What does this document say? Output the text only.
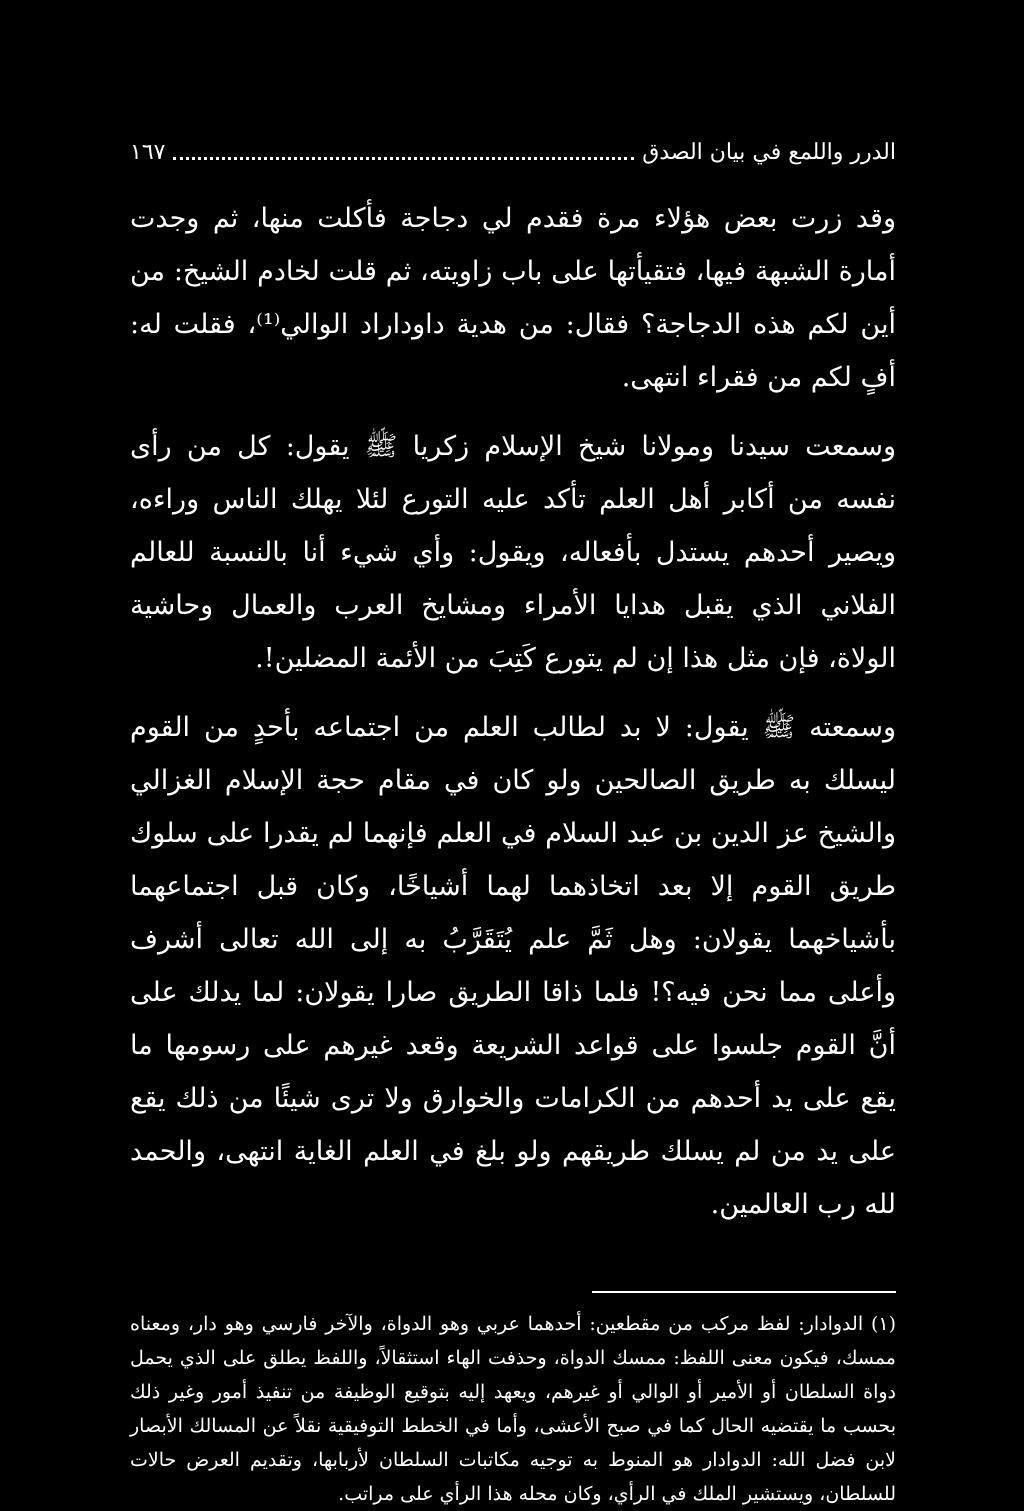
الدرر واللمع في بيان الصدق
١٦٧

وقد زرت بعض هؤلاء مرة فقدم لي دجاجة فأكلت منها، ثم وجدت أمارة الشبهة فيها، فتقيأتها على باب زاويته، ثم قلت لخادم الشيخ: من أين لكم هذه الدجاجة؟ فقال: من هدية داوداراد الوالي⁽¹⁾، فقلت له: أفٍ لكم من فقراء انتهى.

وسمعت سيدنا ومولانا شيخ الإسلام زكريا ﷺ يقول: كل من رأى نفسه من أكابر أهل العلم تأكد عليه التورع لئلا يهلك الناس وراءه، ويصير أحدهم يستدل بأفعاله، ويقول: وأي شيء أنا بالنسبة للعالم الفلاني الذي يقبل هدايا الأمراء ومشايخ العرب والعمال وحاشية الولاة، فإن مثل هذا إن لم يتورع كَتِبَ من الأئمة المضلين!.

وسمعته ﷺ يقول: لا بد لطالب العلم من اجتماعه بأحدٍ من القوم ليسلك به طريق الصالحين ولو كان في مقام حجة الإسلام الغزالي والشيخ عز الدين بن عبد السلام في العلم فإنهما لم يقدرا على سلوك طريق القوم إلا بعد اتخاذهما لهما أشياخًا، وكان قبل اجتماعهما بأشياخهما يقولان: وهل ثَمَّ علم يُتَقَرَّبُ به إلى الله تعالى أشرف وأعلى مما نحن فيه؟! فلما ذاقا الطريق صارا يقولان: لما يدلك على أنَّ القوم جلسوا على قواعد الشريعة وقعد غيرهم على رسومها ما يقع على يد أحدهم من الكرامات والخوارق ولا ترى شيئًا من ذلك يقع على يد من لم يسلك طريقهم ولو بلغ في العلم الغاية انتهى، والحمد لله رب العالمين.

(١) الدوادار: لفظ مركب من مقطعين: أحدهما عربي وهو الدواة، والآخر فارسي وهو دار، ومعناه ممسك، فيكون معنى اللفظ: ممسك الدواة، وحذفت الهاء استثقالاً، واللفظ يطلق على الذي يحمل دواة السلطان أو الأمير أو الوالي أو غيرهم، ويعهد إليه بتوقيع الوظيفة من تنفيذ أمور وغير ذلك بحسب ما يقتضيه الحال كما في صبح الأعشى، وأما في الخطط التوفيقية نقلاً عن المسالك الأبصار لابن فضل الله: الدوادار هو المنوط به توجيه مكاتبات السلطان لأربابها، وتقديم العرض حالات للسلطان، ويستشير الملك في الرأي، وكان محله هذا الرأي على مراتب.
